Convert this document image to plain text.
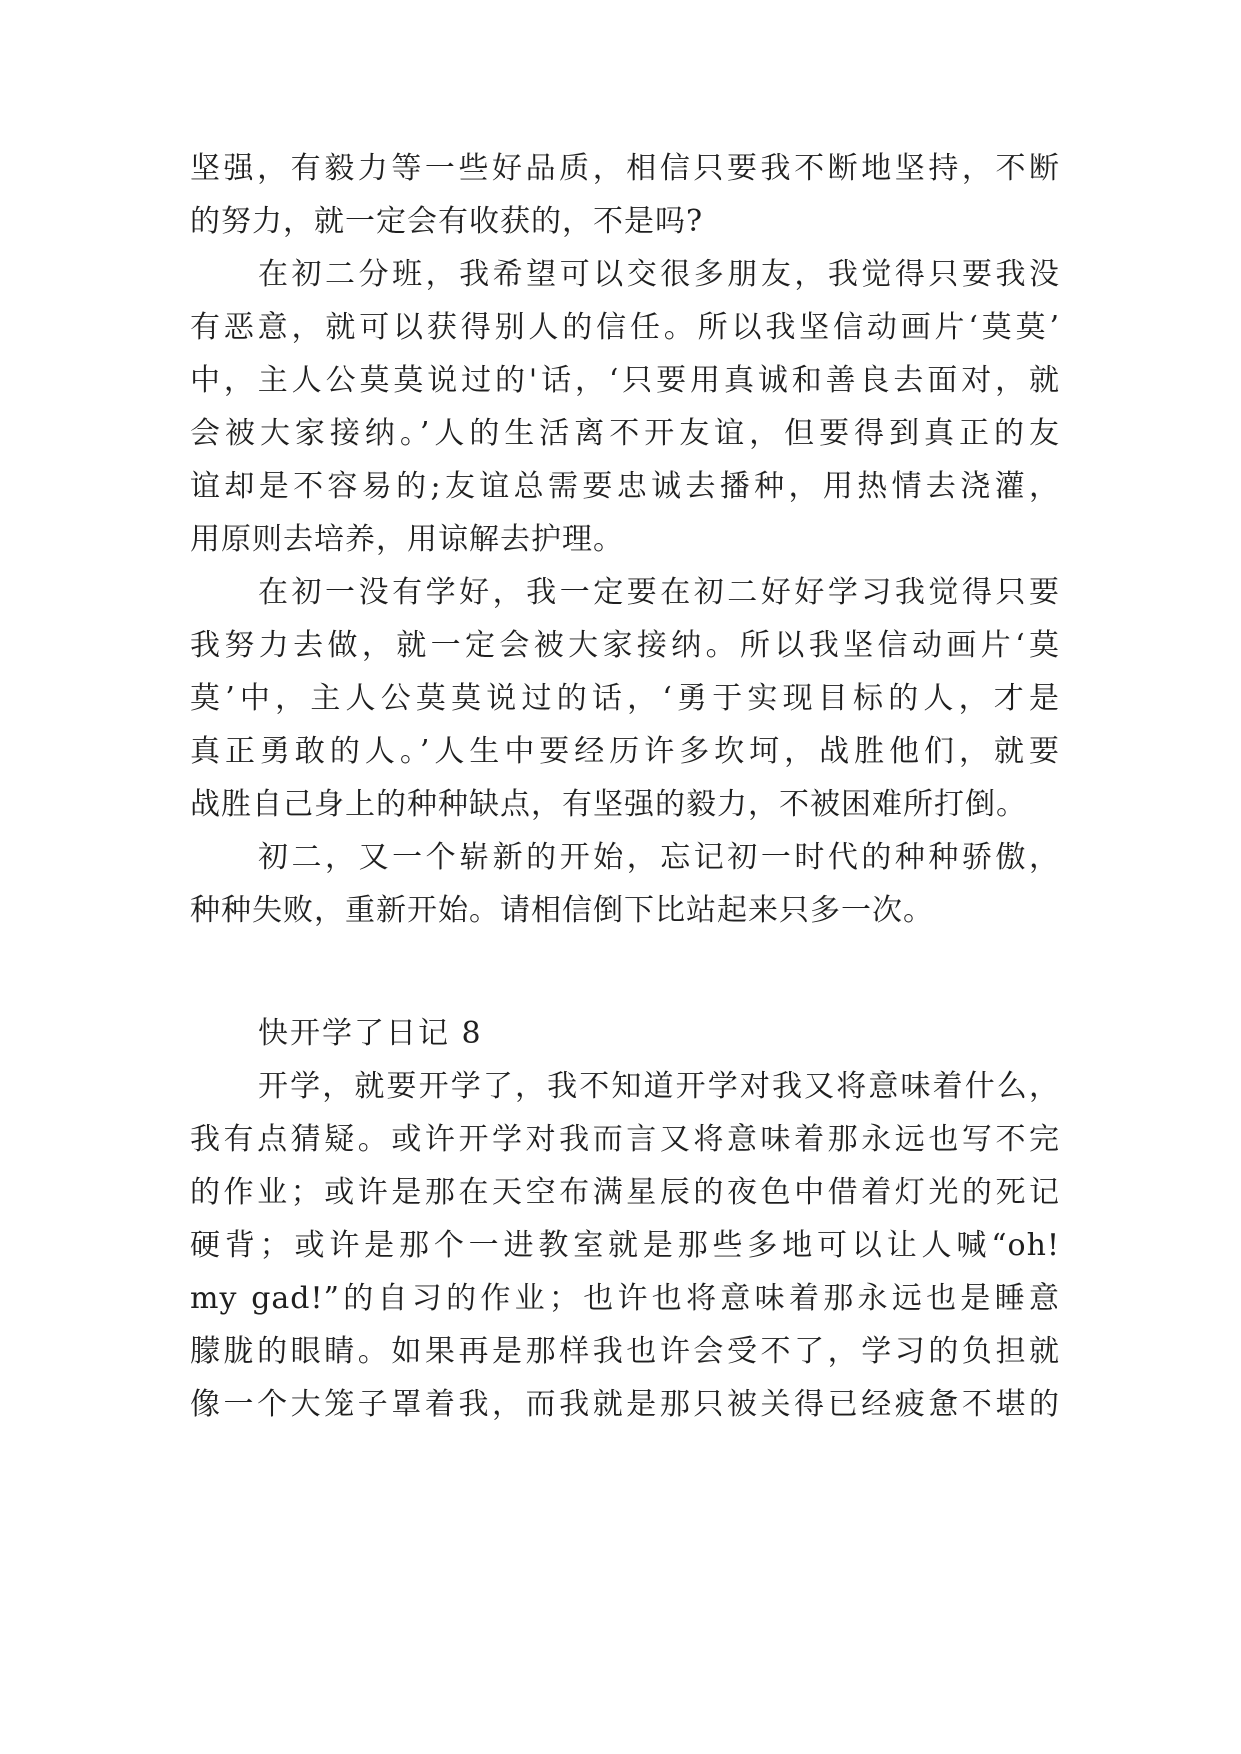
坚强，有毅力等一些好品质，相信只要我不断地坚持，不断
的努力，就一定会有收获的，不是吗?
在初二分班，我希望可以交很多朋友，我觉得只要我没
有恶意，就可以获得别人的信任。所以我坚信动画片‘莫莫’
中，主人公莫莫说过的'话，‘只要用真诚和善良去面对，就
会被大家接纳。’人的生活离不开友谊，但要得到真正的友
谊却是不容易的;友谊总需要忠诚去播种，用热情去浇灌，
用原则去培养，用谅解去护理。
在初一没有学好，我一定要在初二好好学习我觉得只要
我努力去做，就一定会被大家接纳。所以我坚信动画片‘莫
莫’中，主人公莫莫说过的话，‘勇于实现目标的人，才是
真正勇敢的人。’人生中要经历许多坎坷，战胜他们，就要
战胜自己身上的种种缺点，有坚强的毅力，不被困难所打倒。
初二，又一个崭新的开始，忘记初一时代的种种骄傲，
种种失败，重新开始。请相信倒下比站起来只多一次。
快开学了日记 8
开学，就要开学了，我不知道开学对我又将意味着什么，
我有点猜疑。或许开学对我而言又将意味着那永远也写不完
的作业；或许是那在天空布满星辰的夜色中借着灯光的死记
硬背；或许是那个一进教室就是那些多地可以让人喊“oh!
my gad!”的自习的作业；也许也将意味着那永远也是睡意
朦胧的眼睛。如果再是那样我也许会受不了，学习的负担就
像一个大笼子罩着我，而我就是那只被关得已经疲惫不堪的
